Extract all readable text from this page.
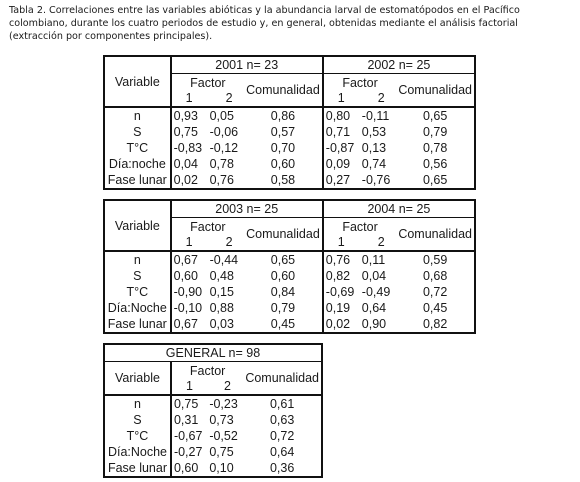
Tabla 2. Correlaciones entre las variables abióticas y la abundancia larval de estomatópodos en el Pacífico colombiano, durante los cuatro periodos de estudio y, en general, obtenidas mediante el análisis factorial (extracción por componentes principales).
Variable	2001 n= 23			2002 n= 25		

	Factor
1 2		Comunalidad	Factor
1 2		Comunalidad
n	0,93	0,05	0,86	0,80	-0,11	0,65
S	0,75	-0,06	0,57	0,71	0,53	0,79
T°C	-0,83	-0,12	0,70	-0,87	0,13	0,78
Día:noche	0,04	0,78	0,60	0,09	0,74	0,56
Fase lunar	0,02	0,76	0,58	0,27	-0,76	0,65
Variable	2003 n= 25			2004 n= 25		

	Factor
1 2		Comunalidad	Factor
1 2		Comunalidad
n	0,67	-0,44	0,65	0,76	0,11	0,59
S	0,60	0,48	0,60	0,82	0,04	0,68
T°C	-0,90	0,15	0,84	-0,69	-0,49	0,72
Día:Noche	-0,10	0,88	0,79	0,19	0,64	0,45
Fase lunar	0,67	0,03	0,45	0,02	0,90	0,82
GENERAL n= 98			
Variable	Factor
1 2		Comunalidad
n	0,75	-0,23	0,61
S	0,31	0,73	0,63
T°C	-0,67	-0,52	0,72
Día:Noche	-0,27	0,75	0,64
Fase lunar	0,60	0,10	0,36
